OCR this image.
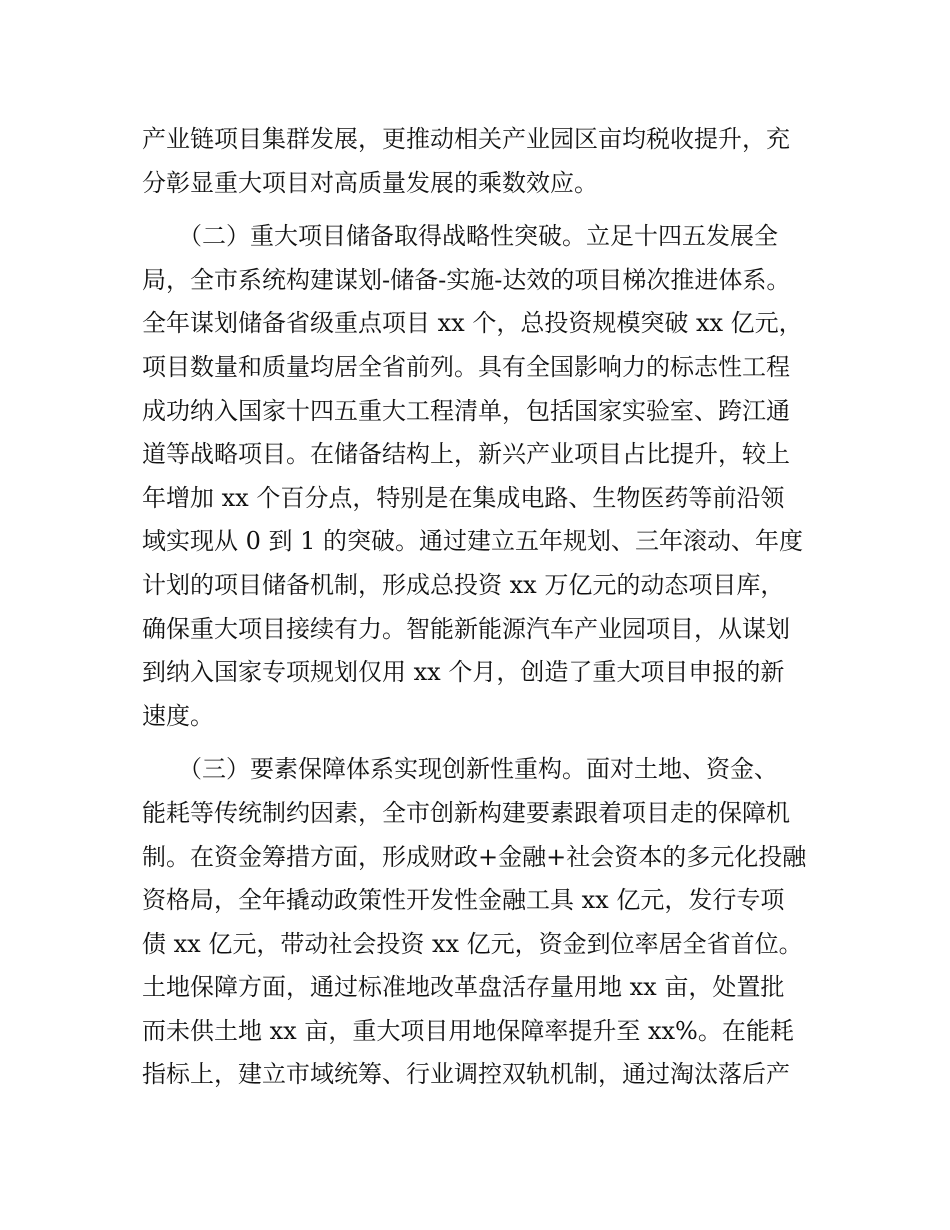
产业链项目集群发展，更推动相关产业园区亩均税收提升，充
分彰显重大项目对高质量发展的乘数效应。
　　（二）重大项目储备取得战略性突破。立足十四五发展全
局，全市系统构建谋划-储备-实施-达效的项目梯次推进体系。
全年谋划储备省级重点项目 xx 个，总投资规模突破 xx 亿元，
项目数量和质量均居全省前列。具有全国影响力的标志性工程
成功纳入国家十四五重大工程清单，包括国家实验室、跨江通
道等战略项目。在储备结构上，新兴产业项目占比提升，较上
年增加 xx 个百分点，特别是在集成电路、生物医药等前沿领
域实现从 0 到 1 的突破。通过建立五年规划、三年滚动、年度
计划的项目储备机制，形成总投资 xx 万亿元的动态项目库，
确保重大项目接续有力。智能新能源汽车产业园项目，从谋划
到纳入国家专项规划仅用 xx 个月，创造了重大项目申报的新
速度。
　　（三）要素保障体系实现创新性重构。面对土地、资金、
能耗等传统制约因素，全市创新构建要素跟着项目走的保障机
制。在资金筹措方面，形成财政+金融+社会资本的多元化投融
资格局，全年撬动政策性开发性金融工具 xx 亿元，发行专项
债 xx 亿元，带动社会投资 xx 亿元，资金到位率居全省首位。
土地保障方面，通过标准地改革盘活存量用地 xx 亩，处置批
而未供土地 xx 亩，重大项目用地保障率提升至 xx%。在能耗
指标上，建立市域统筹、行业调控双轨机制，通过淘汰落后产
